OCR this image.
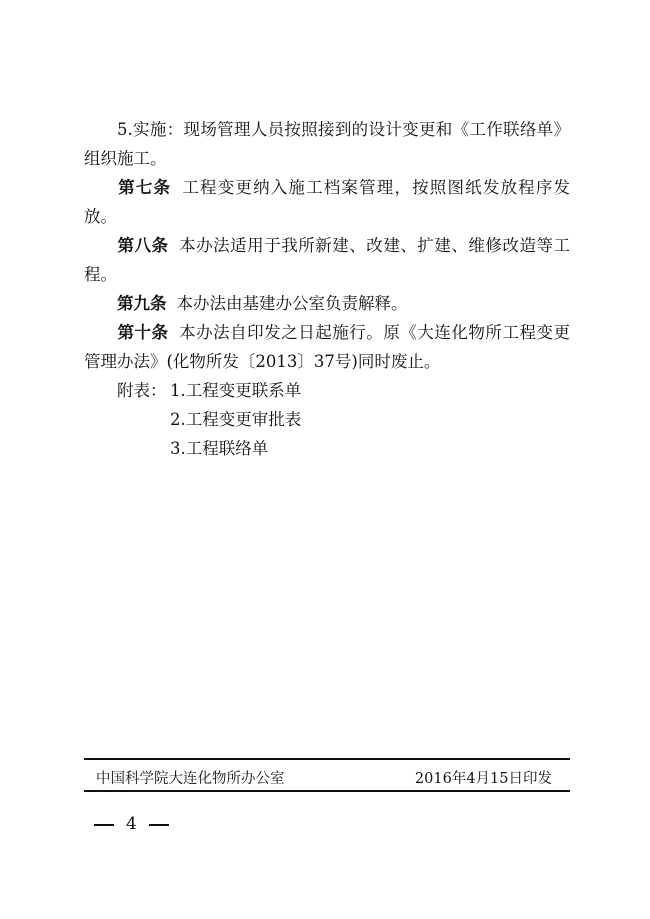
5.实施：现场管理人员按照接到的设计变更和《工作联络单》组织施工。
第七条 工程变更纳入施工档案管理，按照图纸发放程序发放。
第八条 本办法适用于我所新建、改建、扩建、维修改造等工程。
第九条 本办法由基建办公室负责解释。
第十条 本办法自印发之日起施行。原《大连化物所工程变更管理办法》(化物所发〔2013〕37号)同时废止。
附表： 1.工程变更联系单
2.工程变更审批表
3.工程联络单
中国科学院大连化物所办公室	2016年4月15日印发
4
